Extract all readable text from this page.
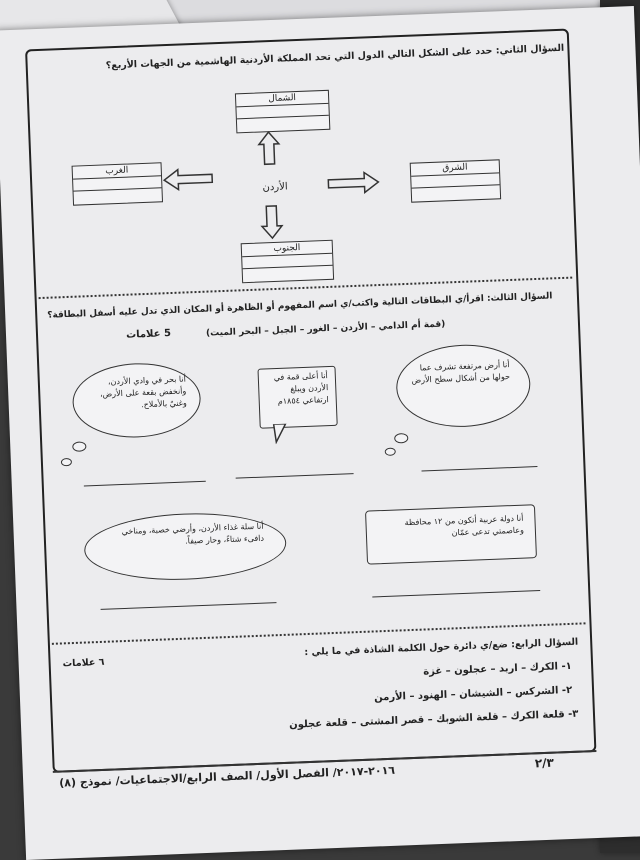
السؤال الثاني: حدد على الشكل التالي الدول التي تحد المملكة الأردنية الهاشمية من الجهات الأربع؟
الشمال
الغرب	الشرق
الجنوب
الأردن
السؤال الثالث: اقرأ/ي البطاقات التالية واكتب/ي اسم المفهوم أو الظاهرة أو المكان الذي تدل عليه أسفل البطاقة؟
(قمة أم الدامي – الأردن – الغور – الجبل – البحر الميت)
5 علامات
أنا بحر في وادي الأردن، وأنخفض بقعة على الأرض، وغنيٌ بالأملاح.
أنا أعلى قمة في الأردن ويبلغ ارتفاعي ١٨٥٤م
أنا أرض مرتفعة تشرف عما حولها من أشكال سطح الأرض
أنا سلة غذاء الأردن، وأرضي خصبة، ومناخي دافىء شتاءً، وحار صيفاً.
أنا دولة عربية أتكون من ١٢ محافظة وعاصمتي تدعى عمّان
السؤال الرابع: ضع/ي دائرة حول الكلمة الشاذة في ما يلي :
٦ علامات	١- الكرك – اربد – عجلون – غزة
٢- الشركس – الشيشان – الهنود – الأرمن
٣- قلعة الكرك – قلعة الشوبك – قصر المشتى – قلعة عجلون
٢٠١٦-٢٠١٧/ الفصل الأول/ الصف الرابع/الاجتماعيات/ نموذج (٨)
٢/٣
